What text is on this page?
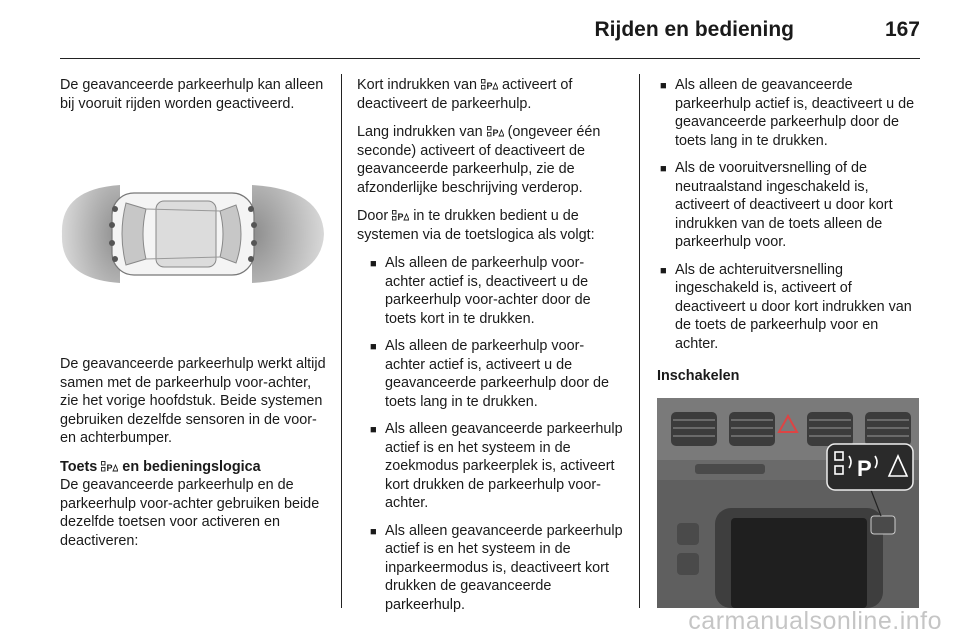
Rijden en bediening	167

De geavanceerde parkeerhulp kan alleen bij vooruit rijden worden geactiveerd.

De geavanceerde parkeerhulp werkt altijd samen met de parkeerhulp voor-achter, zie het vorige hoofdstuk. Beide systemen gebruiken dezelfde sensoren in de voor- en achterbumper.

Toets P en bedieningslogica

De geavanceerde parkeerhulp en de parkeerhulp voor-achter gebruiken beide dezelfde toetsen voor activeren en deactiveren:

Kort indrukken van P activeert of deactiveert de parkeerhulp.

Lang indrukken van P (ongeveer één seconde) activeert of deactiveert de geavanceerde parkeerhulp, zie de afzonderlijke beschrijving verderop.

Door P in te drukken bedient u de systemen via de toetslogica als volgt:

■ Als alleen de parkeerhulp voor-achter actief is, deactiveert u de parkeerhulp voor-achter door de toets kort in te drukken.
■ Als alleen de parkeerhulp voor-achter actief is, activeert u de geavanceerde parkeerhulp door de toets lang in te drukken.
■ Als alleen geavanceerde parkeerhulp actief is en het systeem in de zoekmodus parkeerplek is, activeert kort drukken de parkeerhulp voor-achter.
■ Als alleen geavanceerde parkeerhulp actief is en het systeem in de inparkeermodus is, deactiveert kort drukken de geavanceerde parkeerhulp.
■ Als alleen de geavanceerde parkeerhulp actief is, deactiveert u de geavanceerde parkeerhulp door de toets lang in te drukken.
■ Als de vooruitversnelling of de neutraalstand ingeschakeld is, activeert of deactiveert u door kort indrukken van de toets alleen de parkeerhulp voor.
■ Als de achteruitversnelling ingeschakeld is, activeert of deactiveert u door kort indrukken van de toets de parkeerhulp voor en achter.

Inschakelen

P
carmanualsonline.info
